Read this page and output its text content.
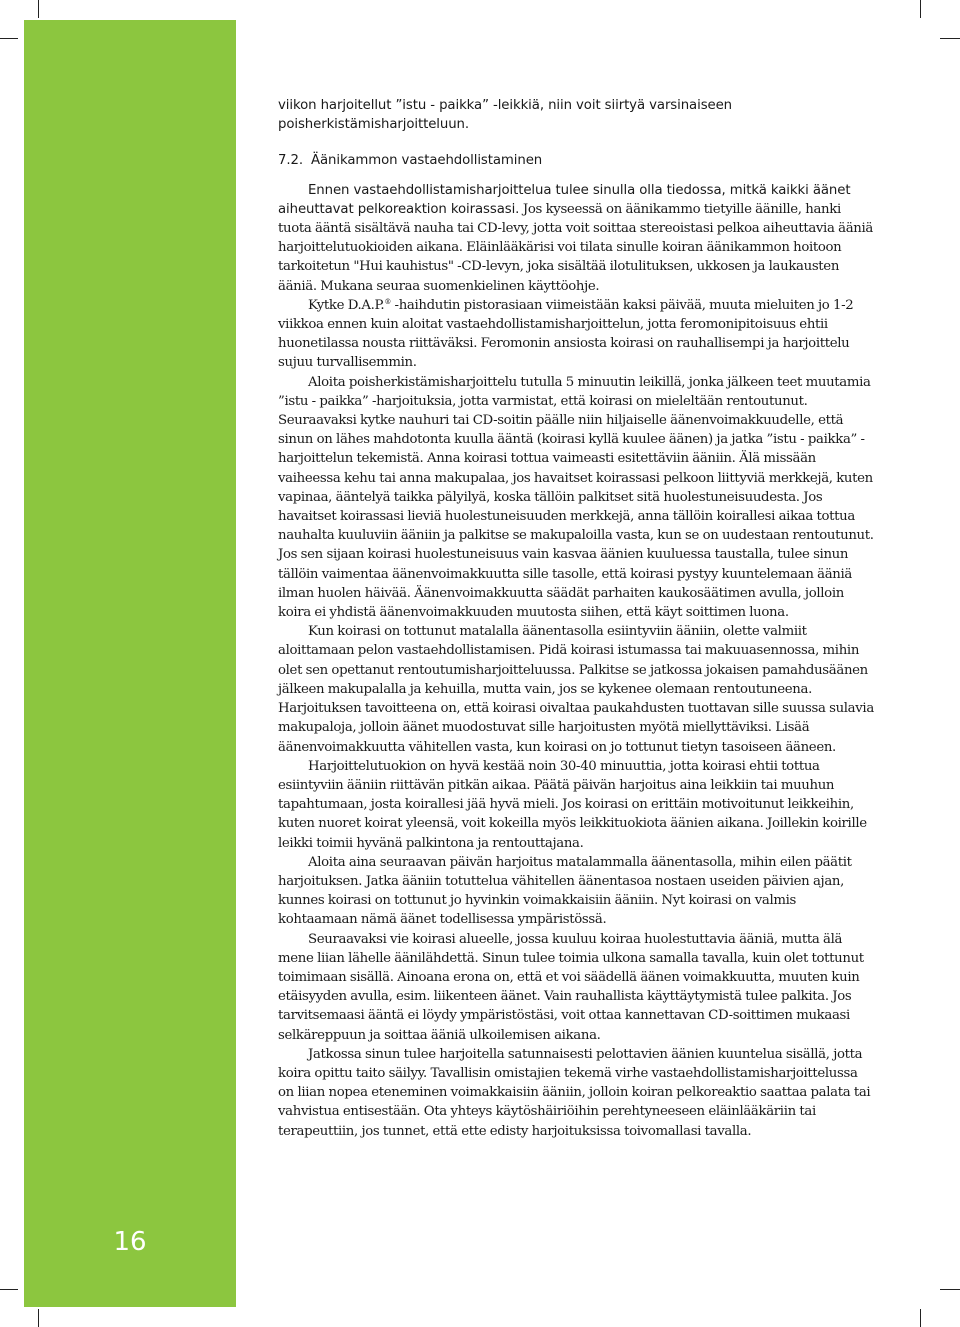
16

viikon harjoitellut ”istu - paikka” -leikkiä, niin voit siirtyä varsinaiseen poisherkistämisharjoitteluun.

7.2. Äänikammon vastaehdollistaminen

Ennen vastaehdollistamisharjoittelua tulee sinulla olla tiedossa, mitkä kaikki äänet aiheuttavat pelkoreaktion koirassasi. Jos kyseessä on äänikammo tietyille äänille, hanki tuota ääntä sisältävä nauha tai CD-levy, jotta voit soittaa stereoistasi pelkoa aiheuttavia ääniä harjoittelutuokioiden aikana. Eläinlääkärisi voi tilata sinulle koiran äänikammon hoitoon tarkoitetun "Hui kauhistus" -CD-levyn, joka sisältää ilotulituksen, ukkosen ja laukausten ääniä. Mukana seuraa suomenkielinen käyttöohje.

Kytke D.A.P.® -haihdutin pistorasiaan viimeistään kaksi päivää, muuta mieluiten jo 1-2 viikkoa ennen kuin aloitat vastaehdollistamisharjoittelun, jotta feromonipitoisuus ehtii huonetilassa nousta riittäväksi. Feromonin ansiosta koirasi on rauhallisempi ja harjoittelu sujuu turvallisemmin.

Aloita poisherkistämisharjoittelu tutulla 5 minuutin leikillä, jonka jälkeen teet muutamia ”istu - paikka” -harjoituksia, jotta varmistat, että koirasi on mieleltään rentoutunut. Seuraavaksi kytke nauhuri tai CD-soitin päälle niin hiljaiselle äänenvoimakkuudelle, että sinun on lähes mahdotonta kuulla ääntä (koirasi kyllä kuulee äänen) ja jatka ”istu - paikka” -harjoittelun tekemistä. Anna koirasi tottua vaimeasti esitettäviin ääniin. Älä missään vaiheessa kehu tai anna makupalaa, jos havaitset koirassasi pelkoon liittyviä merkkejä, kuten vapinaa, ääntelyä taikka pälyilyä, koska tällöin palkitset sitä huolestuneisuudesta. Jos havaitset koirassasi lieviä huolestuneisuuden merkkejä, anna tällöin koirallesi aikaa tottua nauhalta kuuluviin ääniin ja palkitse se makupaloilla vasta, kun se on uudestaan rentoutunut. Jos sen sijaan koirasi huolestuneisuus vain kasvaa äänien kuuluessa taustalla, tulee sinun tällöin vaimentaa äänenvoimakkuutta sille tasolle, että koirasi pystyy kuuntelemaan ääniä ilman huolen häivää. Äänenvoimakkuutta säädät parhaiten kaukosäätimen avulla, jolloin koira ei yhdistä äänenvoimakkuuden muutosta siihen, että käyt soittimen luona.

Kun koirasi on tottunut matalalla äänentasolla esiintyviin ääniin, olette valmiit aloittamaan pelon vastaehdollistamisen. Pidä koirasi istumassa tai makuuasennossa, mihin olet sen opettanut rentoutumisharjoitteluussa. Palkitse se jatkossa jokaisen pamahdusäänen jälkeen makupalalla ja kehuilla, mutta vain, jos se kykenee olemaan rentoutuneena. Harjoituksen tavoitteena on, että koirasi oivaltaa paukahdusten tuottavan sille suussa sulavia makupaloja, jolloin äänet muodostuvat sille harjoitusten myötä miellyttäviksi. Lisää äänenvoimakkuutta vähitellen vasta, kun koirasi on jo tottunut tietyn tasoiseen ääneen.

Harjoittelutuokion on hyvä kestää noin 30-40 minuuttia, jotta koirasi ehtii tottua esiintyviin ääniin riittävän pitkän aikaa. Päätä päivän harjoitus aina leikkiin tai muuhun tapahtumaan, josta koirallesi jää hyvä mieli. Jos koirasi on erittäin motivoitunut leikkeihin, kuten nuoret koirat yleensä, voit kokeilla myös leikkituokiota äänien aikana. Joillekin koirille leikki toimii hyvänä palkintona ja rentouttajana.

Aloita aina seuraavan päivän harjoitus matalammalla äänentasolla, mihin eilen päätit harjoituksen. Jatka ääniin totuttelua vähitellen äänentasoa nostaen useiden päivien ajan, kunnes koirasi on tottunut jo hyvinkin voimakkaisiin ääniin. Nyt koirasi on valmis kohtaamaan nämä äänet todellisessa ympäristössä.

Seuraavaksi vie koirasi alueelle, jossa kuuluu koiraa huolestuttavia ääniä, mutta älä mene liian lähelle äänilähdettä. Sinun tulee toimia ulkona samalla tavalla, kuin olet tottunut toimimaan sisällä. Ainoana erona on, että et voi säädellä äänen voimakkuutta, muuten kuin etäisyyden avulla, esim. liikenteen äänet. Vain rauhallista käyttäytymistä tulee palkita. Jos tarvitsemaasi ääntä ei löydy ympäristöstäsi, voit ottaa kannettavan CD-soittimen mukaasi selkäreppuun ja soittaa ääniä ulkoilemisen aikana.

Jatkossa sinun tulee harjoitella satunnaisesti pelottavien äänien kuuntelua sisällä, jotta koira opittu taito säilyy. Tavallisin omistajien tekemä virhe vastaehdollistamisharjoittelussa on liian nopea eteneminen voimakkaisiin ääniin, jolloin koiran pelkoreaktio saattaa palata tai vahvistua entisestään. Ota yhteys käytöshäiriöihin perehtyneeseen eläinlääkäriin tai terapeuttiin, jos tunnet, että ette edisty harjoituksissa toivomallasi tavalla.
